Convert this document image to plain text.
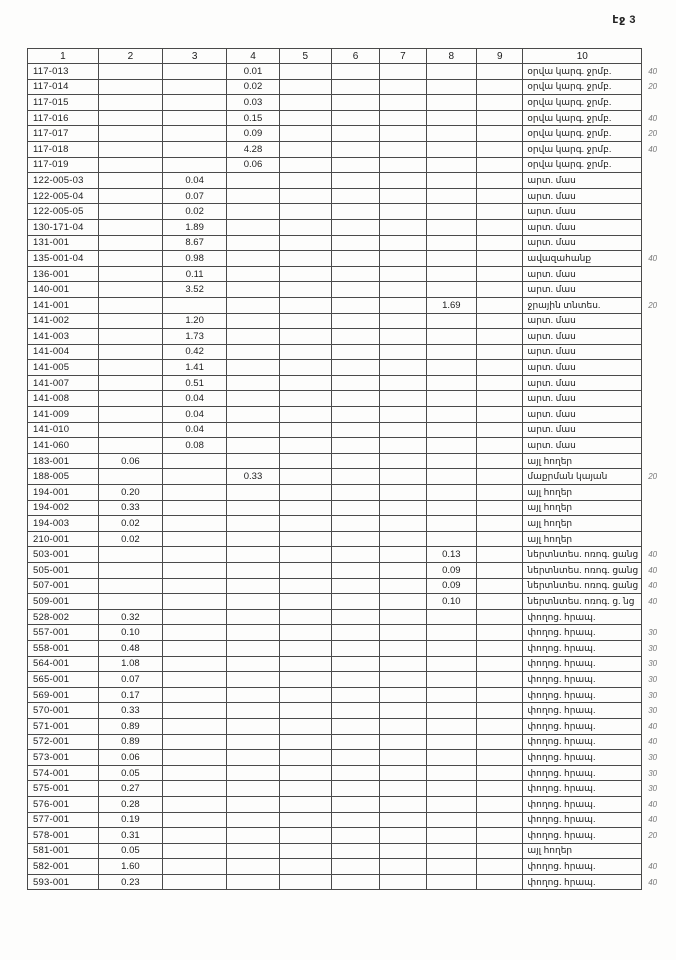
էջ 3
1	2	3	4	5	6	7	8	9	10	
117-013			0.01						օրվա կարգ. ջրմբ.	40
117-014			0.02						օրվա կարգ. ջրմբ.	20
117-015			0.03						օրվա կարգ. ջրմբ.	
117-016			0.15						օրվա կարգ. ջրմբ.	40
117-017			0.09						օրվա կարգ. ջրմբ.	20
117-018			4.28						օրվա կարգ. ջրմբ.	40
117-019			0.06						օրվա կարգ. ջրմբ.	
122-005-03		0.04							արտ. մաս	
122-005-04		0.07							արտ. մաս	
122-005-05		0.02							արտ. մաս	
130-171-04		1.89							արտ. մաս	
131-001		8.67							արտ. մաս	
135-001-04		0.98							ավազահանք	40
136-001		0.11							արտ. մաս	
140-001		3.52							արտ. մաս	
141-001							1.69		ջրային տնտես.	20
141-002		1.20							արտ. մաս	
141-003		1.73							արտ. մաս	
141-004		0.42							արտ. մաս	
141-005		1.41							արտ. մաս	
141-007		0.51							արտ. մաս	
141-008		0.04							արտ. մաս	
141-009		0.04							արտ. մաս	
141-010		0.04							արտ. մաս	
141-060		0.08							արտ. մաս	
183-001	0.06								այլ հողեր	
188-005			0.33						մաքրման կայան	20
194-001	0.20								այլ հողեր	
194-002	0.33								այլ հողեր	
194-003	0.02								այլ հողեր	
210-001	0.02								այլ հողեր	
503-001							0.13		ներտնտես. ոռոգ. ցանց	40
505-001							0.09		ներտնտես. ոռոգ. ցանց	40
507-001							0.09		ներտնտես. ոռոգ. ցանց	40
509-001							0.10		ներտնտես. ոռոգ. ց. նց	40
528-002	0.32								փողոց. հրապ.	
557-001	0.10								փողոց. հրապ.	30
558-001	0.48								փողոց. հրապ.	30
564-001	1.08								փողոց. հրապ.	30
565-001	0.07								փողոց. հրապ.	30
569-001	0.17								փողոց. հրապ.	30
570-001	0.33								փողոց. հրապ.	30
571-001	0.89								փողոց. հրապ.	40
572-001	0.89								փողոց. հրապ.	40
573-001	0.06								փողոց. հրապ.	30
574-001	0.05								փողոց. հրապ.	30
575-001	0.27								փողոց. հրապ.	30
576-001	0.28								փողոց. հրապ.	40
577-001	0.19								փողոց. հրապ.	40
578-001	0.31								փողոց. հրապ.	20
581-001	0.05								այլ հողեր	
582-001	1.60								փողոց. հրապ.	40
593-001	0.23								փողոց. հրապ.	40
